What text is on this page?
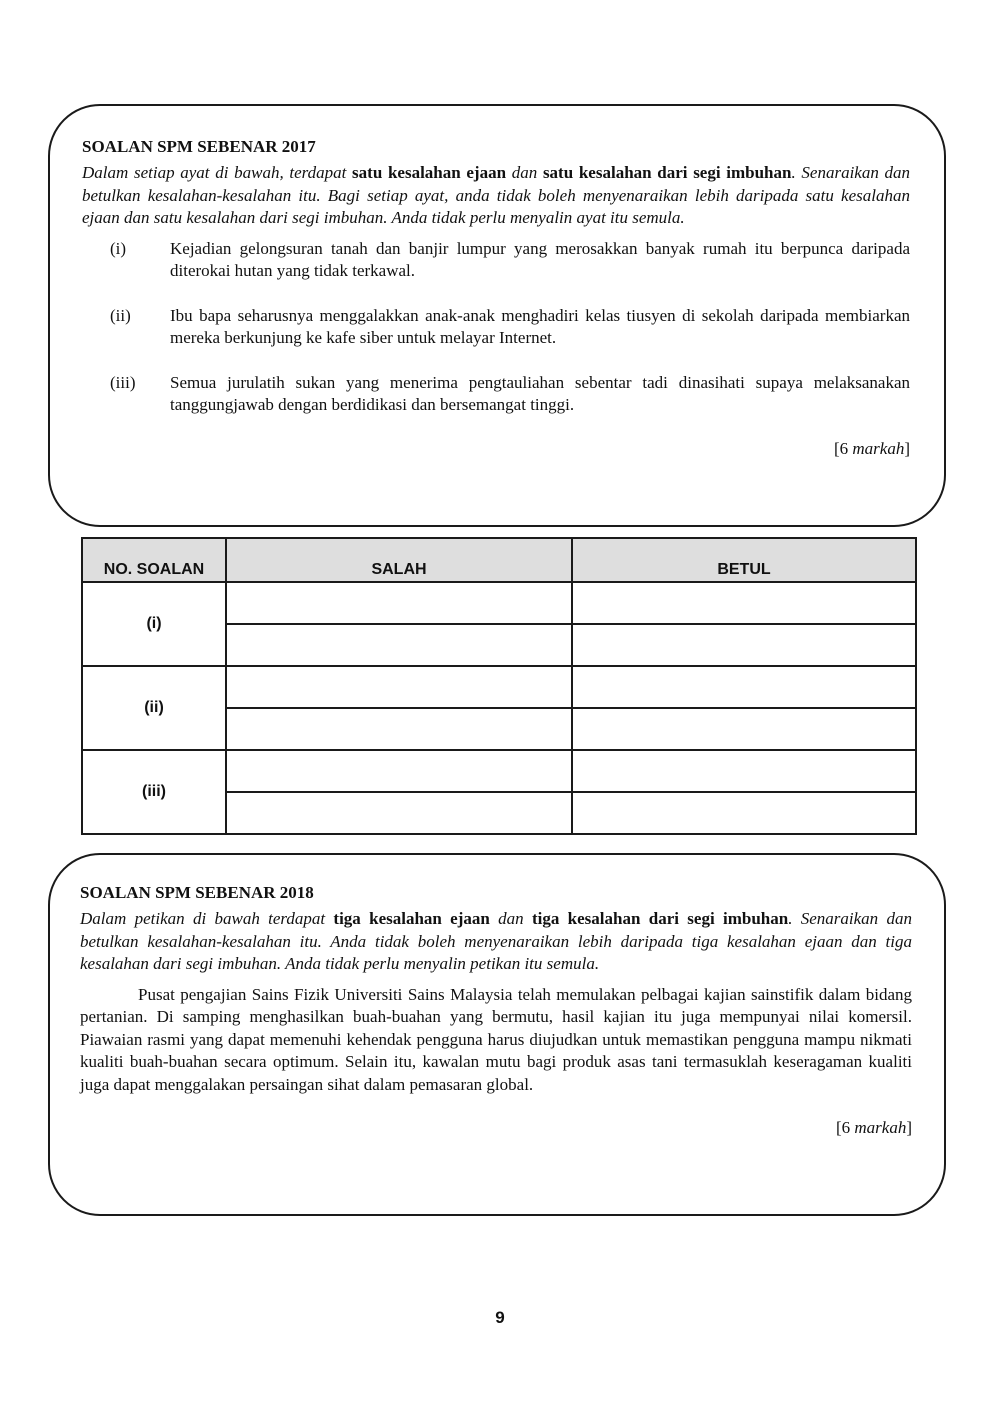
SOALAN SPM SEBENAR 2017

Dalam setiap ayat di bawah, terdapat satu kesalahan ejaan dan satu kesalahan dari segi imbuhan. Senaraikan dan betulkan kesalahan-kesalahan itu. Bagi setiap ayat, anda tidak boleh menyenaraikan lebih daripada satu kesalahan ejaan dan satu kesalahan dari segi imbuhan. Anda tidak perlu menyalin ayat itu semula.

(i)	Kejadian gelongsuran tanah dan banjir lumpur yang merosakkan banyak rumah itu berpunca daripada diterokai hutan yang tidak terkawal.
(ii)	Ibu bapa seharusnya menggalakkan anak-anak menghadiri kelas tiusyen di sekolah daripada membiarkan mereka berkunjung ke kafe siber untuk melayar Internet.
(iii)	Semua jurulatih sukan yang menerima pengtauliahan sebentar tadi dinasihati supaya melaksanakan tanggungjawab dengan berdidikasi dan bersemangat tinggi.
[6 markah]
NO. SOALAN	SALAH	BETUL
(i)		

(ii)		

(iii)		

SOALAN SPM SEBENAR 2018

Dalam petikan di bawah terdapat tiga kesalahan ejaan dan tiga kesalahan dari segi imbuhan. Senaraikan dan betulkan kesalahan-kesalahan itu. Anda tidak boleh menyenaraikan lebih daripada tiga kesalahan ejaan dan tiga kesalahan dari segi imbuhan. Anda tidak perlu menyalin petikan itu semula.

Pusat pengajian Sains Fizik Universiti Sains Malaysia telah memulakan pelbagai kajian sainstifik dalam bidang pertanian. Di samping menghasilkan buah-buahan yang bermutu, hasil kajian itu juga mempunyai nilai komersil. Piawaian rasmi yang dapat memenuhi kehendak pengguna harus diujudkan untuk memastikan pengguna mampu nikmati kualiti buah-buahan secara optimum. Selain itu, kawalan mutu bagi produk asas tani termasuklah keseragaman kualiti juga dapat menggalakan persaingan sihat dalam pemasaran global.

[6 markah]
9
